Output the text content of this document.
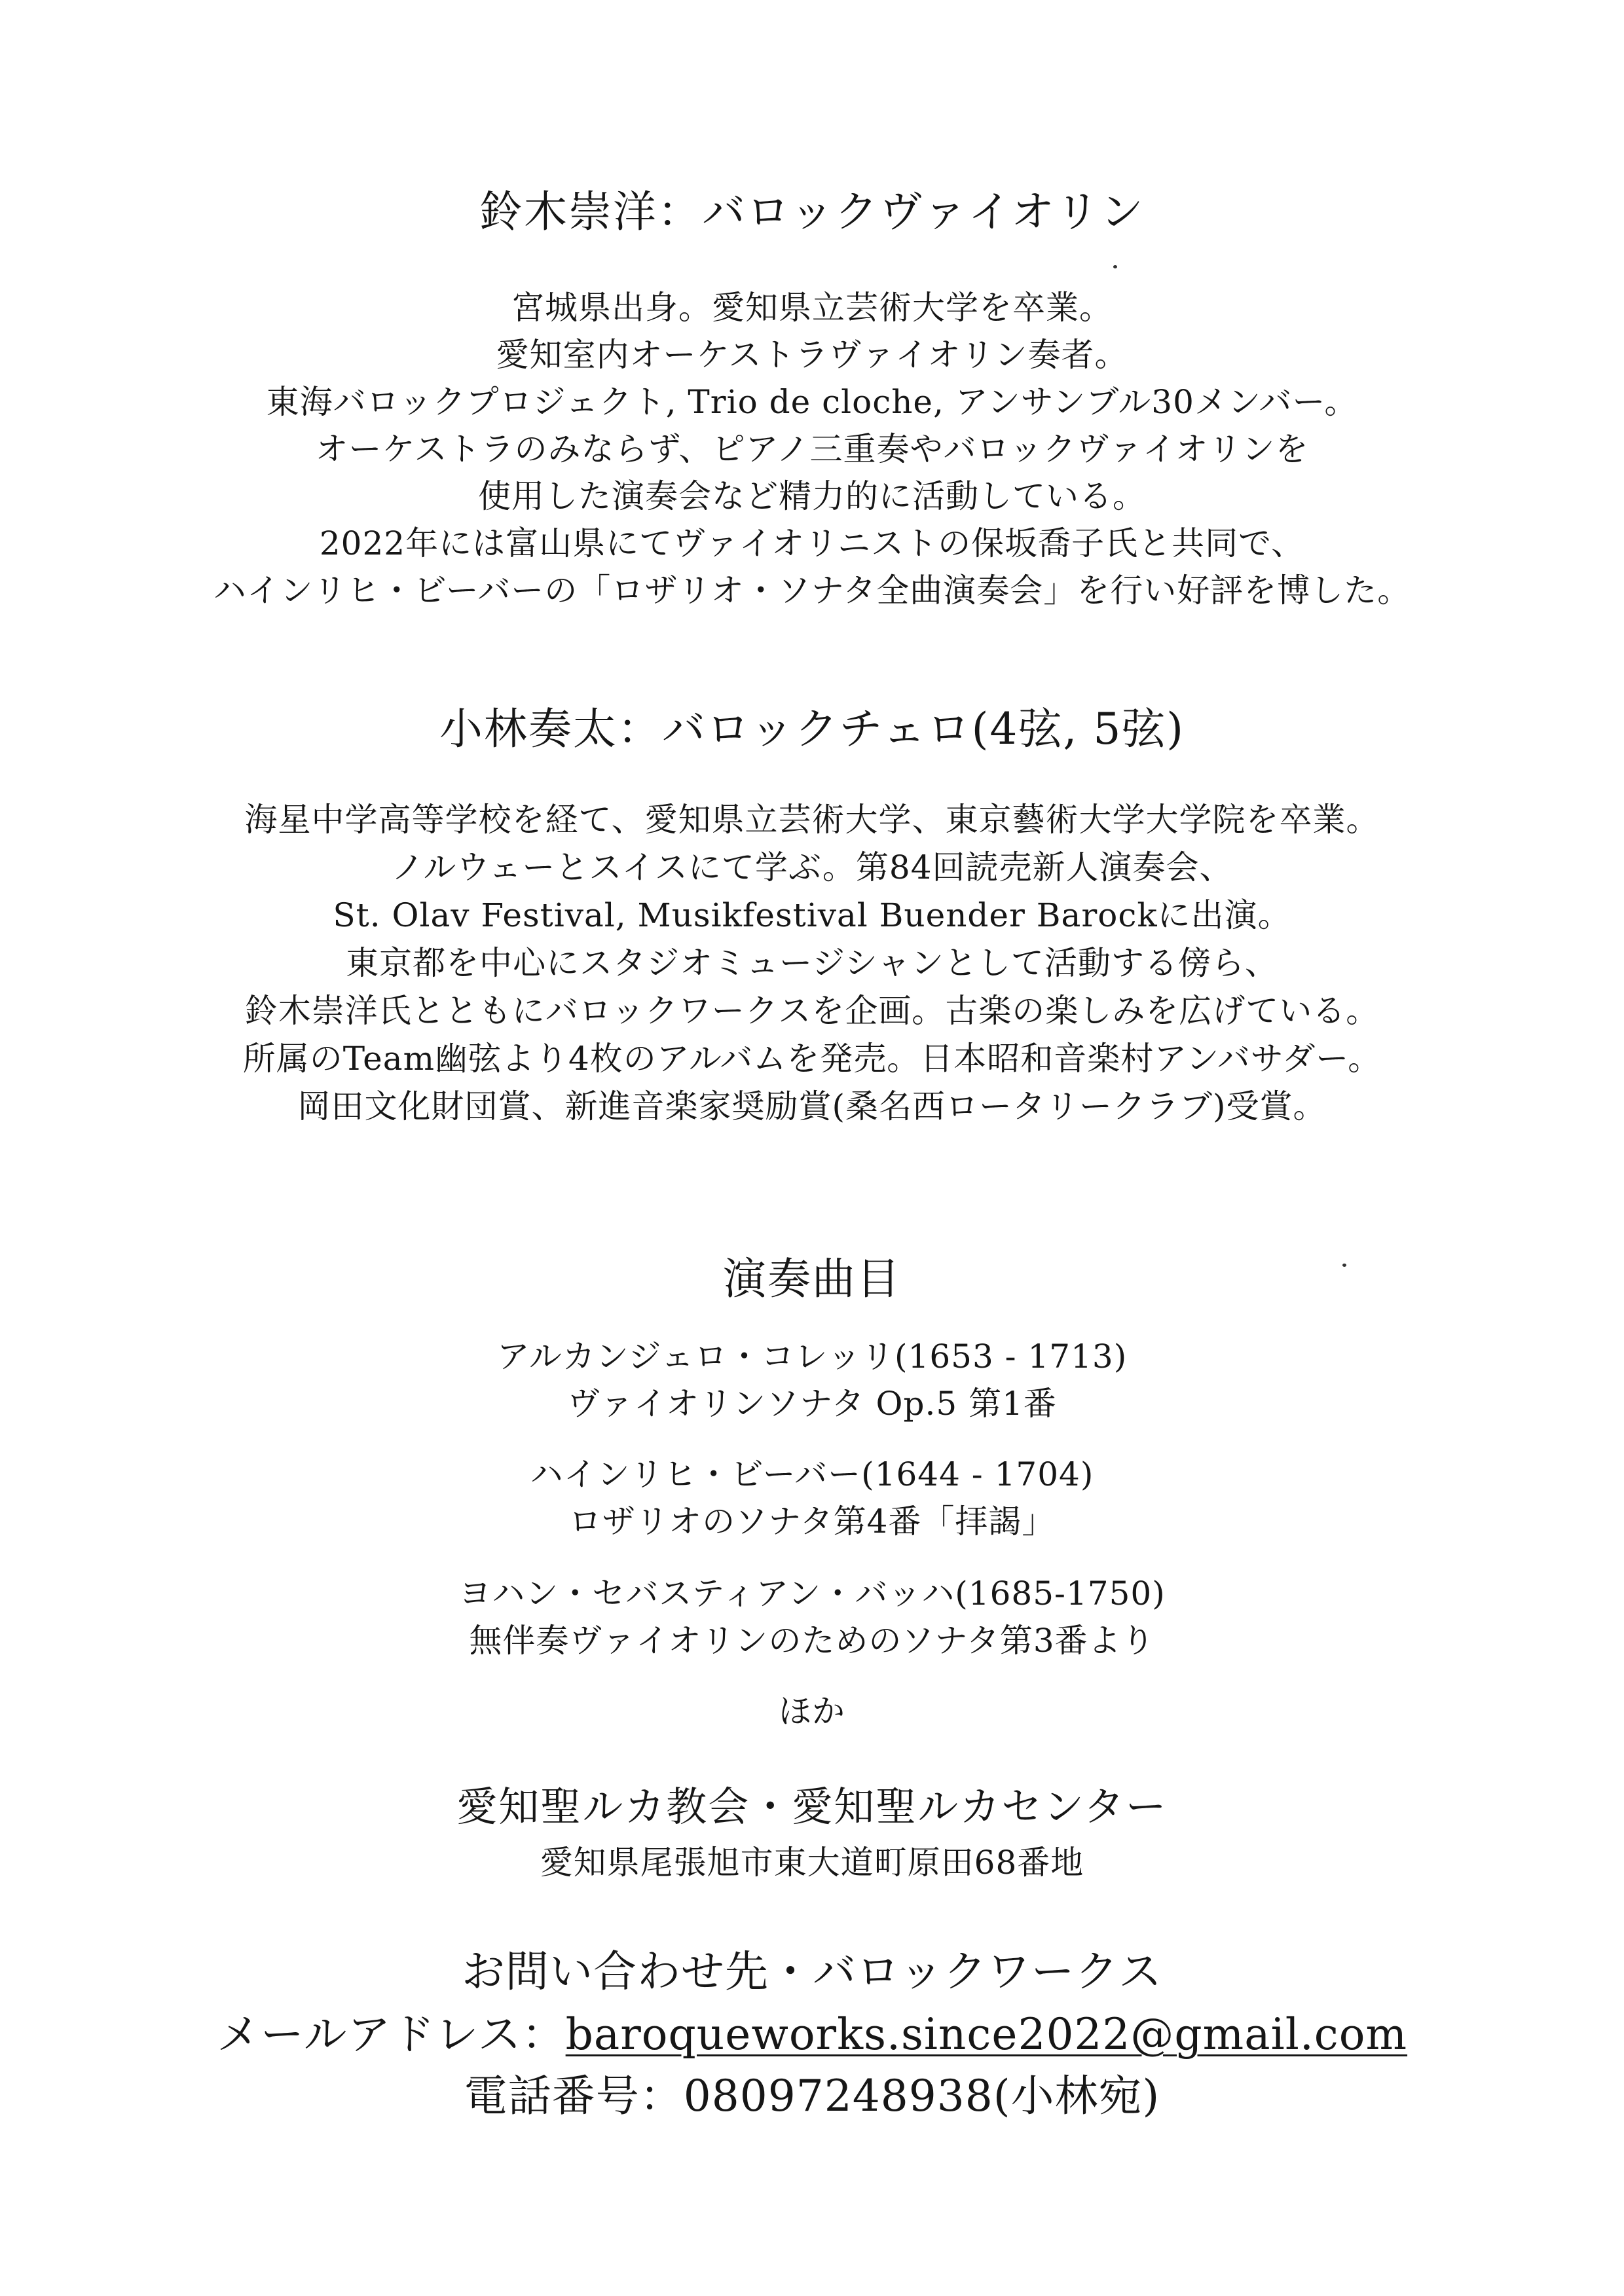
鈴木崇洋：バロックヴァイオリン
宮城県出身。愛知県立芸術大学を卒業。
愛知室内オーケストラヴァイオリン奏者。
東海バロックプロジェクト, Trio de cloche, アンサンブル30メンバー。
オーケストラのみならず、ピアノ三重奏やバロックヴァイオリンを
使用した演奏会など精力的に活動している。
2022年には富山県にてヴァイオリニストの保坂喬子氏と共同で、
ハインリヒ・ビーバーの「ロザリオ・ソナタ全曲演奏会」を行い好評を博した。
小林奏太：バロックチェロ(4弦, 5弦)
海星中学高等学校を経て、愛知県立芸術大学、東京藝術大学大学院を卒業。
ノルウェーとスイスにて学ぶ。第84回読売新人演奏会、
St. Olav Festival, Musikfestival Buender Barockに出演。
東京都を中心にスタジオミュージシャンとして活動する傍ら、
鈴木崇洋氏とともにバロックワークスを企画。古楽の楽しみを広げている。
所属のTeam幽弦より4枚のアルバムを発売。日本昭和音楽村アンバサダー。
岡田文化財団賞、新進音楽家奨励賞(桑名西ロータリークラブ)受賞。
演奏曲目
アルカンジェロ・コレッリ(1653 - 1713)
ヴァイオリンソナタ Op.5 第1番
ハインリヒ・ビーバー(1644 - 1704)
ロザリオのソナタ第4番「拝謁」
ヨハン・セバスティアン・バッハ(1685-1750)
無伴奏ヴァイオリンのためのソナタ第3番より
ほか
愛知聖ルカ教会・愛知聖ルカセンター
愛知県尾張旭市東大道町原田68番地
お問い合わせ先・バロックワークス
メールアドレス：baroqueworks.since2022@gmail.com
電話番号：08097248938(小林宛)
